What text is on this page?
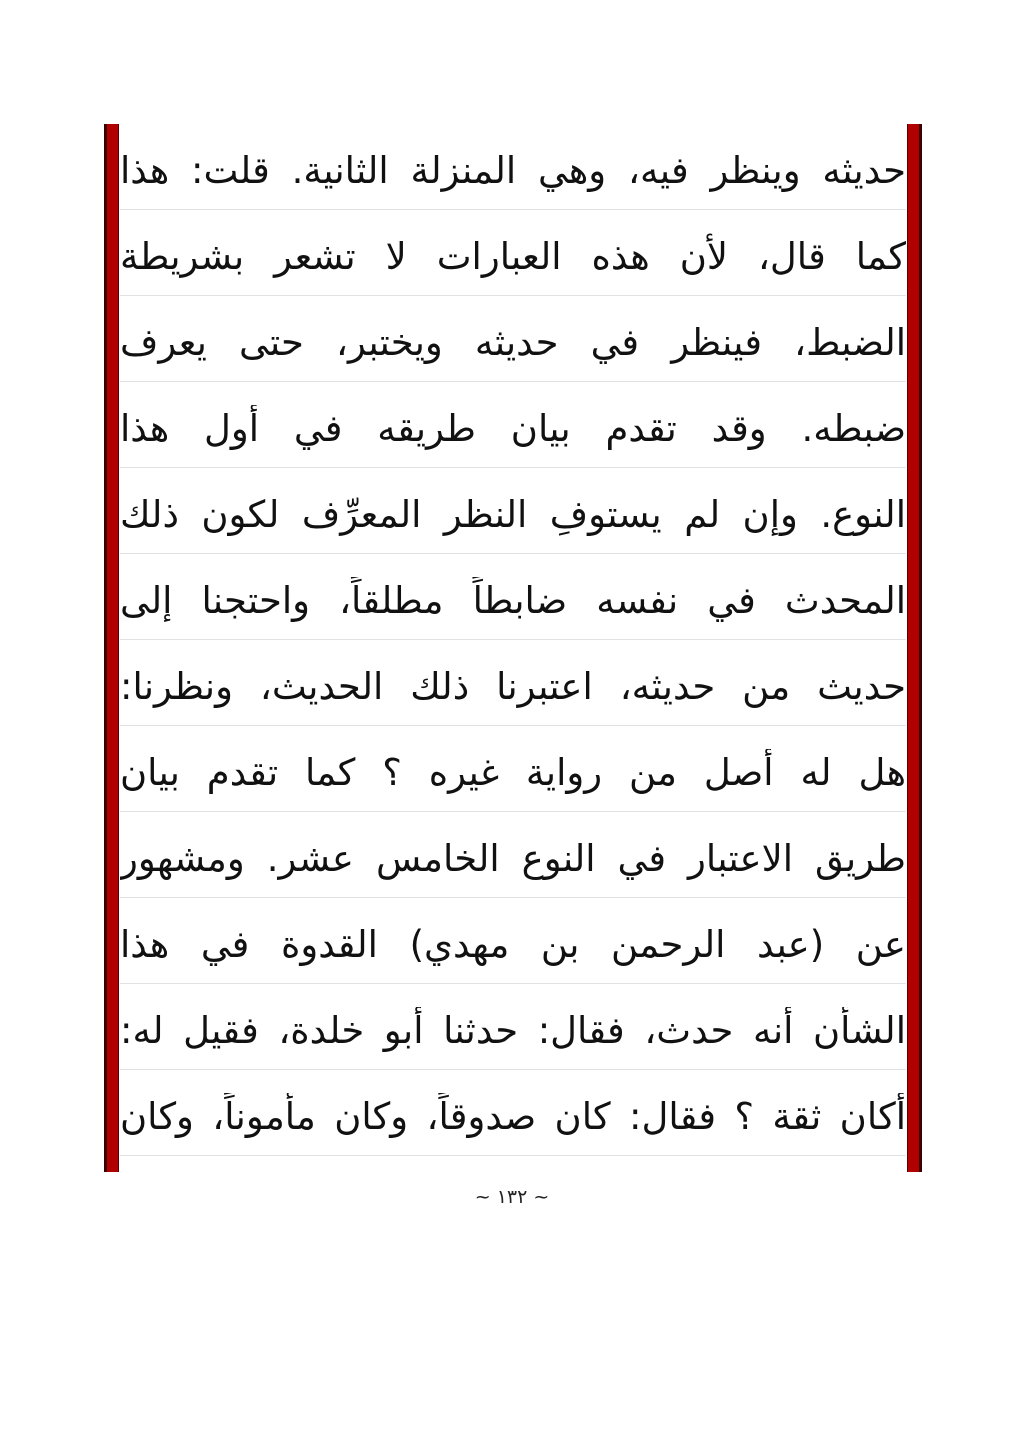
حديثه وينظر فيه، وهي المنزلة الثانية. قلت: هذا
كما قال، لأن هذه العبارات لا تشعر بشريطة
الضبط، فينظر في حديثه ويختبر، حتى يعرف
ضبطه. وقد تقدم بيان طريقه في أول هذا
النوع. وإن لم يستوفِ النظر المعرِّف لكون ذلك
المحدث في نفسه ضابطاً مطلقاً، واحتجنا إلى
حديث من حديثه، اعتبرنا ذلك الحديث، ونظرنا:
هل له أصل من رواية غيره ؟ كما تقدم بيان
طريق الاعتبار في النوع الخامس عشر. ومشهور
عن (عبد الرحمن بن مهدي) القدوة في هذا
الشأن أنه حدث، فقال: حدثنا أبو خلدة، فقيل له:
أكان ثقة ؟ فقال: كان صدوقاً، وكان مأموناً، وكان
~ ١٣٢ ~
